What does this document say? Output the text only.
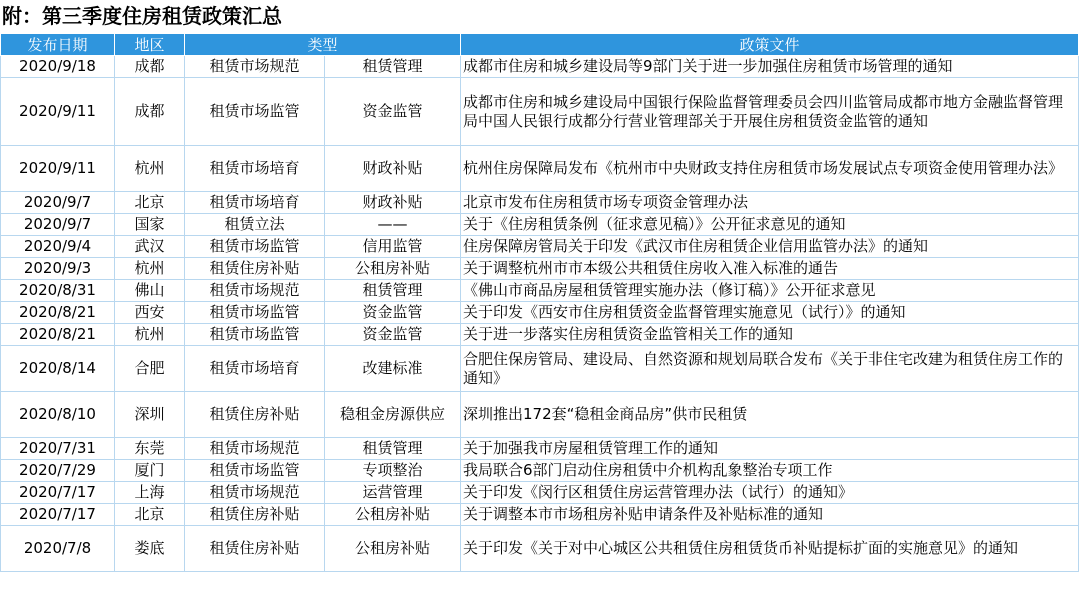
附：第三季度住房租赁政策汇总
发布日期	地区	类型		政策文件
2020/9/18	成都	租赁市场规范	租赁管理	成都市住房和城乡建设局等9部门关于进一步加强住房租赁市场管理的通知
2020/9/11	成都	租赁市场监管	资金监管	成都市住房和城乡建设局中国银行保险监督管理委员会四川监管局成都市地方金融监督管理局中国人民银行成都分行营业管理部关于开展住房租赁资金监管的通知
2020/9/11	杭州	租赁市场培育	财政补贴	杭州住房保障局发布《杭州市中央财政支持住房租赁市场发展试点专项资金使用管理办法》
2020/9/7	北京	租赁市场培育	财政补贴	北京市发布住房租赁市场专项资金管理办法
2020/9/7	国家	租赁立法	——	关于《住房租赁条例（征求意见稿）》公开征求意见的通知
2020/9/4	武汉	租赁市场监管	信用监管	住房保障房管局关于印发《武汉市住房租赁企业信用监管办法》的通知
2020/9/3	杭州	租赁住房补贴	公租房补贴	关于调整杭州市市本级公共租赁住房收入准入标准的通告
2020/8/31	佛山	租赁市场规范	租赁管理	《佛山市商品房屋租赁管理实施办法（修订稿）》公开征求意见
2020/8/21	西安	租赁市场监管	资金监管	关于印发《西安市住房租赁资金监督管理实施意见（试行）》的通知
2020/8/21	杭州	租赁市场监管	资金监管	关于进一步落实住房租赁资金监管相关工作的通知
2020/8/14	合肥	租赁市场培育	改建标准	合肥住保房管局、建设局、自然资源和规划局联合发布《关于非住宅改建为租赁住房工作的通知》
2020/8/10	深圳	租赁住房补贴	稳租金房源供应	深圳推出172套“稳租金商品房”供市民租赁
2020/7/31	东莞	租赁市场规范	租赁管理	关于加强我市房屋租赁管理工作的通知
2020/7/29	厦门	租赁市场监管	专项整治	我局联合6部门启动住房租赁中介机构乱象整治专项工作
2020/7/17	上海	租赁市场规范	运营管理	关于印发《闵行区租赁住房运营管理办法（试行）的通知》
2020/7/17	北京	租赁住房补贴	公租房补贴	关于调整本市市场租房补贴申请条件及补贴标准的通知
2020/7/8	娄底	租赁住房补贴	公租房补贴	关于印发《关于对中心城区公共租赁住房租赁货币补贴提标扩面的实施意见》的通知
